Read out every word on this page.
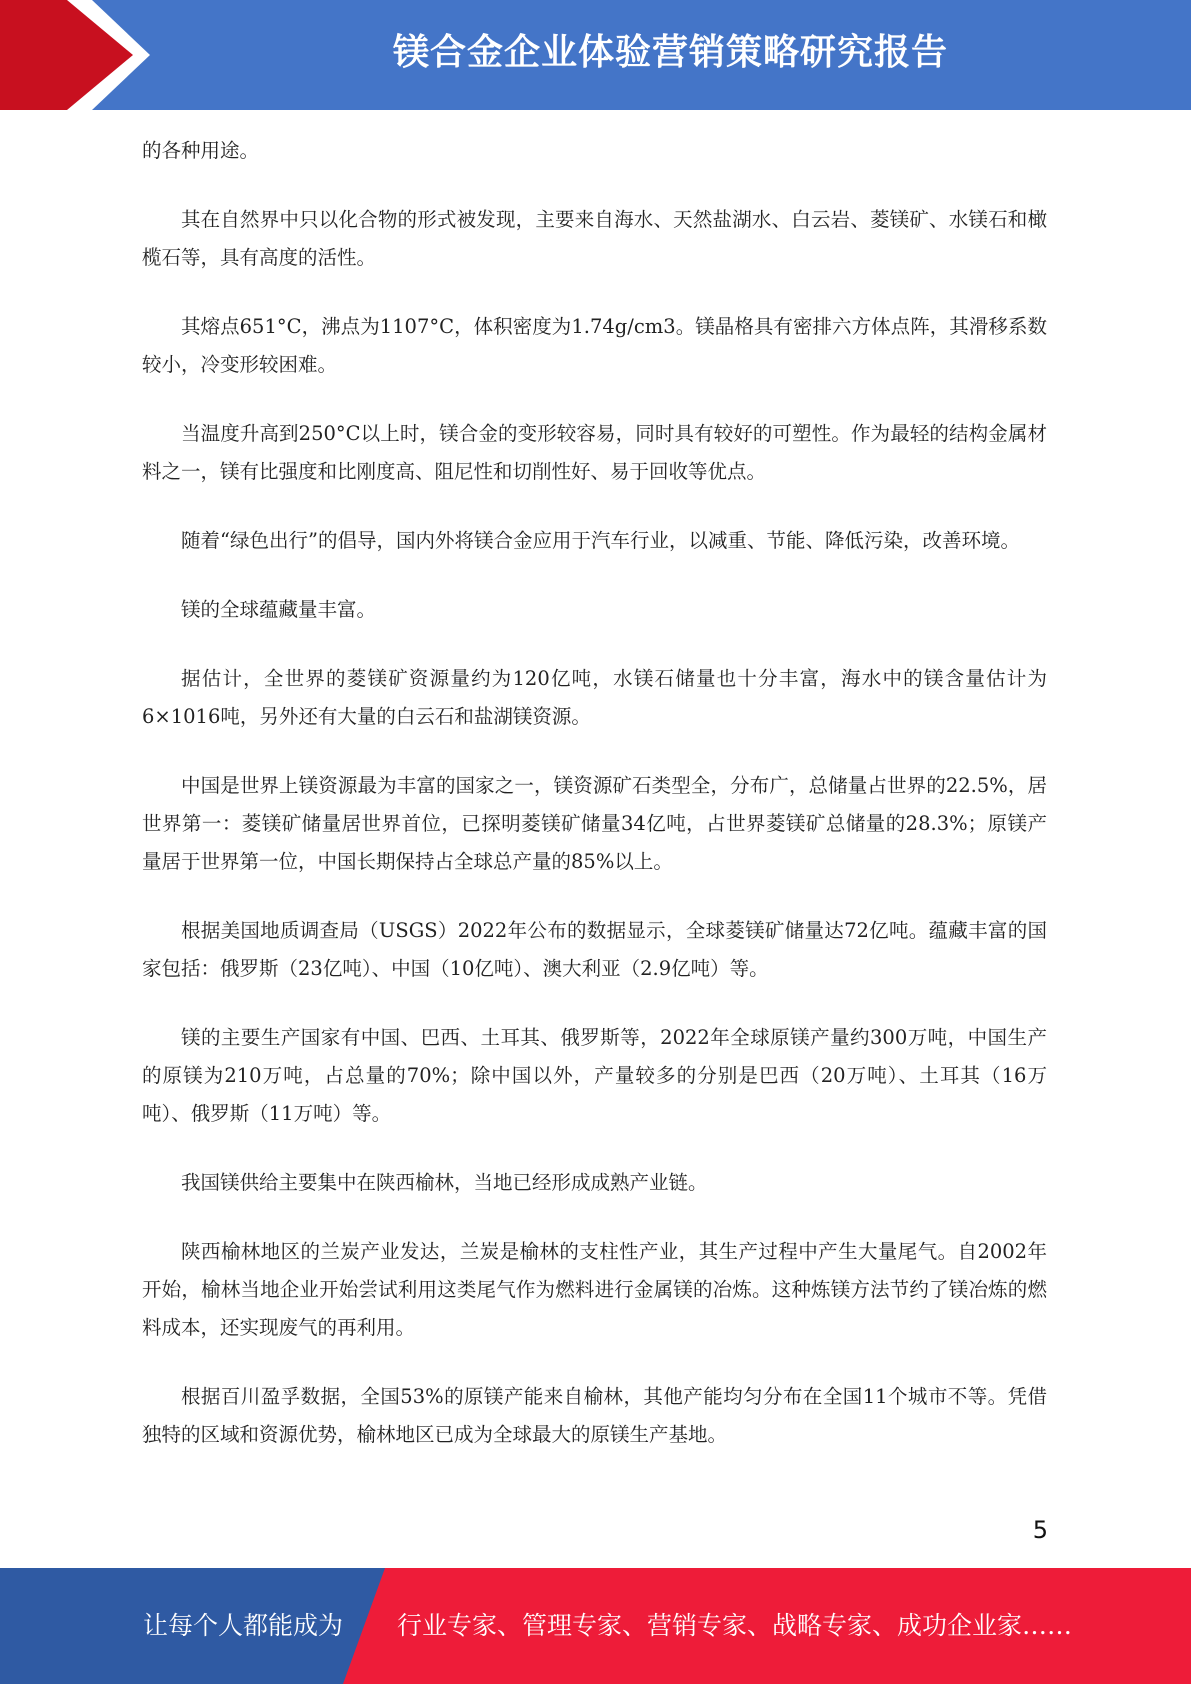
镁合金企业体验营销策略研究报告

的各种用途。

其在自然界中只以化合物的形式被发现，主要来自海水、天然盐湖水、白云岩、菱镁矿、水镁石和橄榄石等，具有高度的活性。

其熔点651°C，沸点为1107°C，体积密度为1.74g/cm3。镁晶格具有密排六方体点阵，其滑移系数较小，冷变形较困难。

当温度升高到250°C以上时，镁合金的变形较容易，同时具有较好的可塑性。作为最轻的结构金属材料之一，镁有比强度和比刚度高、阻尼性和切削性好、易于回收等优点。

随着“绿色出行”的倡导，国内外将镁合金应用于汽车行业，以减重、节能、降低污染，改善环境。

镁的全球蕴藏量丰富。

据估计，全世界的菱镁矿资源量约为120亿吨，水镁石储量也十分丰富，海水中的镁含量估计为6×1016吨，另外还有大量的白云石和盐湖镁资源。

中国是世界上镁资源最为丰富的国家之一，镁资源矿石类型全，分布广，总储量占世界的22.5%，居世界第一：菱镁矿储量居世界首位，已探明菱镁矿储量34亿吨，占世界菱镁矿总储量的28.3%；原镁产量居于世界第一位，中国长期保持占全球总产量的85%以上。

根据美国地质调查局（USGS）2022年公布的数据显示，全球菱镁矿储量达72亿吨。蕴藏丰富的国家包括：俄罗斯（23亿吨）、中国（10亿吨）、澳大利亚（2.9亿吨）等。

镁的主要生产国家有中国、巴西、土耳其、俄罗斯等，2022年全球原镁产量约300万吨，中国生产的原镁为210万吨，占总量的70%；除中国以外，产量较多的分别是巴西（20万吨）、土耳其（16万吨）、俄罗斯（11万吨）等。

我国镁供给主要集中在陕西榆林，当地已经形成成熟产业链。

陕西榆林地区的兰炭产业发达，兰炭是榆林的支柱性产业，其生产过程中产生大量尾气。自2002年开始，榆林当地企业开始尝试利用这类尾气作为燃料进行金属镁的冶炼。这种炼镁方法节约了镁冶炼的燃料成本，还实现废气的再利用。

根据百川盈孚数据，全国53%的原镁产能来自榆林，其他产能均匀分布在全国11个城市不等。凭借独特的区域和资源优势，榆林地区已成为全球最大的原镁生产基地。

5

让每个人都能成为 行业专家、管理专家、营销专家、战略专家、成功企业家……
